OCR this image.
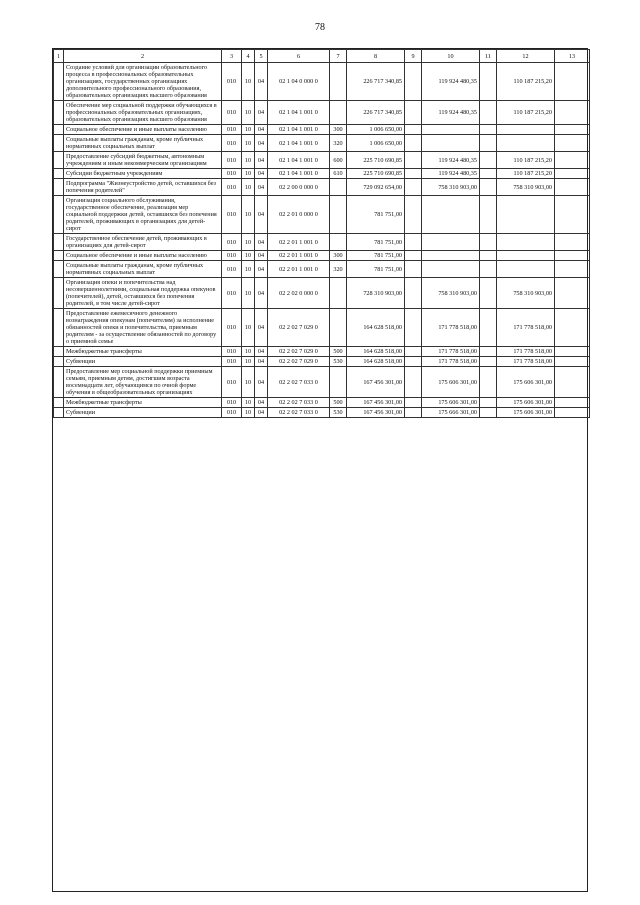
78
1	2	3	4	5	6	7	8	9	10	11	12	13
	Создание условий для организации образовательного процесса в профессиональных образовательных организациях, государственных организациях дополнительного профессионального образования, образовательных организациях высшего образования	010	10	04	02 1 04 0 000 0		226 717 340,85		119 924 480,35		110 187 215,20	
	Обеспечение мер социальной поддержки обучающихся в профессиональных образовательных организациях, образовательных организациях высшего образования	010	10	04	02 1 04 1 001 0		226 717 340,85		119 924 480,35		110 187 215,20	
	Социальное обеспечение и иные выплаты населению	010	10	04	02 1 04 1 001 0	300	1 006 650,00					
	Социальные выплаты гражданам, кроме публичных нормативных социальных выплат	010	10	04	02 1 04 1 001 0	320	1 006 650,00					
	Предоставление субсидий бюджетным, автономным учреждениям и иным некоммерческим организациям	010	10	04	02 1 04 1 001 0	600	225 710 690,85		119 924 480,35		110 187 215,20	
	Субсидии бюджетным учреждениям	010	10	04	02 1 04 1 001 0	610	225 710 690,85		119 924 480,35		110 187 215,20	
	Подпрограмма "Жизнеустройство детей, оставшихся без попечения родителей"	010	10	04	02 2 00 0 000 0		729 092 654,00		758 310 903,00		758 310 903,00	
	Организация социального обслуживания, государственное обеспечение, реализация мер социальной поддержки детей, оставшихся без попечения родителей, проживающих в организациях для детей-сирот	010	10	04	02 2 01 0 000 0		781 751,00					
	Государственное обеспечение детей, проживающих в организациях для детей-сирот	010	10	04	02 2 01 1 001 0		781 751,00					
	Социальное обеспечение и иные выплаты населению	010	10	04	02 2 01 1 001 0	300	781 751,00					
	Социальные выплаты гражданам, кроме публичных нормативных социальных выплат	010	10	04	02 2 01 1 001 0	320	781 751,00					
	Организация опеки и попечительства над несовершеннолетними, социальная поддержка опекунов (попечителей), детей, оставшихся без попечения родителей, в том числе детей-сирот	010	10	04	02 2 02 0 000 0		728 310 903,00		758 310 903,00		758 310 903,00	
	Предоставление ежемесячного денежного вознаграждения опекунам (попечителям) за исполнение обязанностей опеки и попечительства, приемным родителям - за осуществление обязанностей по договору о приемной семье	010	10	04	02 2 02 7 029 0		164 628 518,00		171 778 518,00		171 778 518,00	
	Межбюджетные трансферты	010	10	04	02 2 02 7 029 0	500	164 628 518,00		171 778 518,00		171 778 518,00	
	Субвенции	010	10	04	02 2 02 7 029 0	530	164 628 518,00		171 778 518,00		171 778 518,00	
	Предоставление мер социальной поддержки приемным семьям, приемным детям, достигшим возраста восемнадцати лет, обучающимся по очной форме обучения в общеобразовательных организациях	010	10	04	02 2 02 7 033 0		167 456 301,00		175 606 301,00		175 606 301,00	
	Межбюджетные трансферты	010	10	04	02 2 02 7 033 0	500	167 456 301,00		175 606 301,00		175 606 301,00	
	Субвенции	010	10	04	02 2 02 7 033 0	530	167 456 301,00		175 666 301,00		175 606 301,00	
